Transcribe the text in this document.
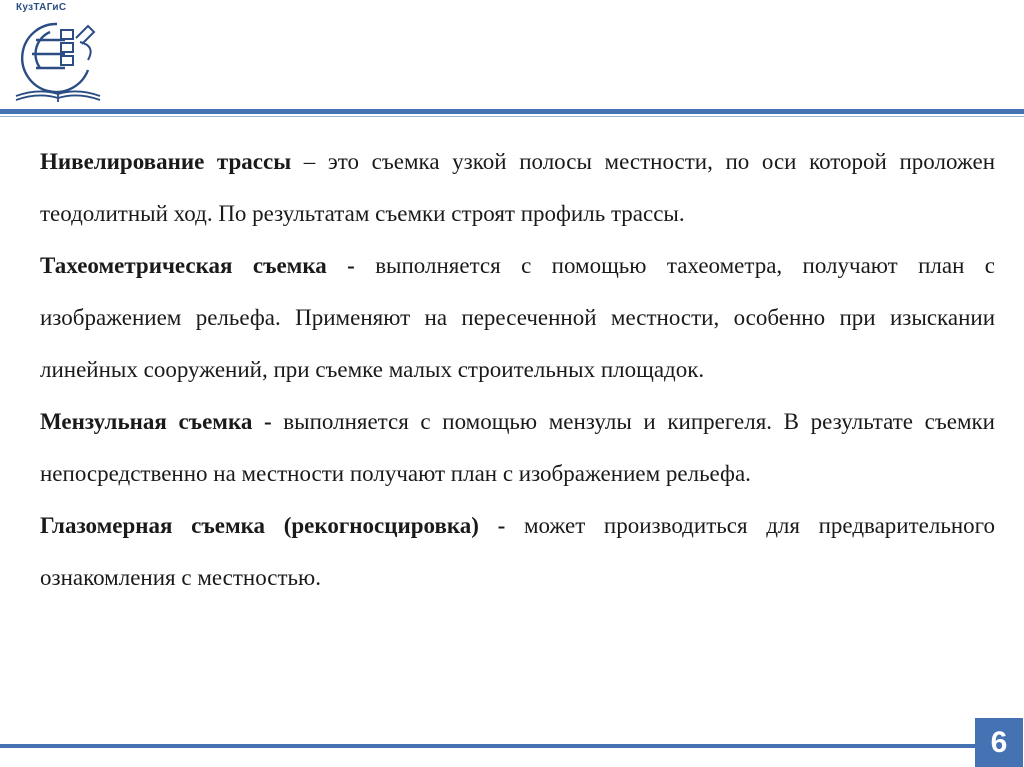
КузТАГиС

Нивелирование трассы – это съемка узкой полосы местности, по оси которой проложен теодолитный ход. По результатам съемки строят профиль трассы.

Тахеометрическая съемка - выполняется с помощью тахеометра, получают план с изображением рельефа. Применяют на пересеченной местности, особенно при изыскании линейных сооружений, при съемке малых строительных площадок.

Мензульная съемка - выполняется с помощью мензулы и кипрегеля. В результате съемки непосредственно на местности получают план с изображением рельефа.

Глазомерная съемка (рекогносцировка) - может производиться для предварительного ознакомления с местностью.

6
